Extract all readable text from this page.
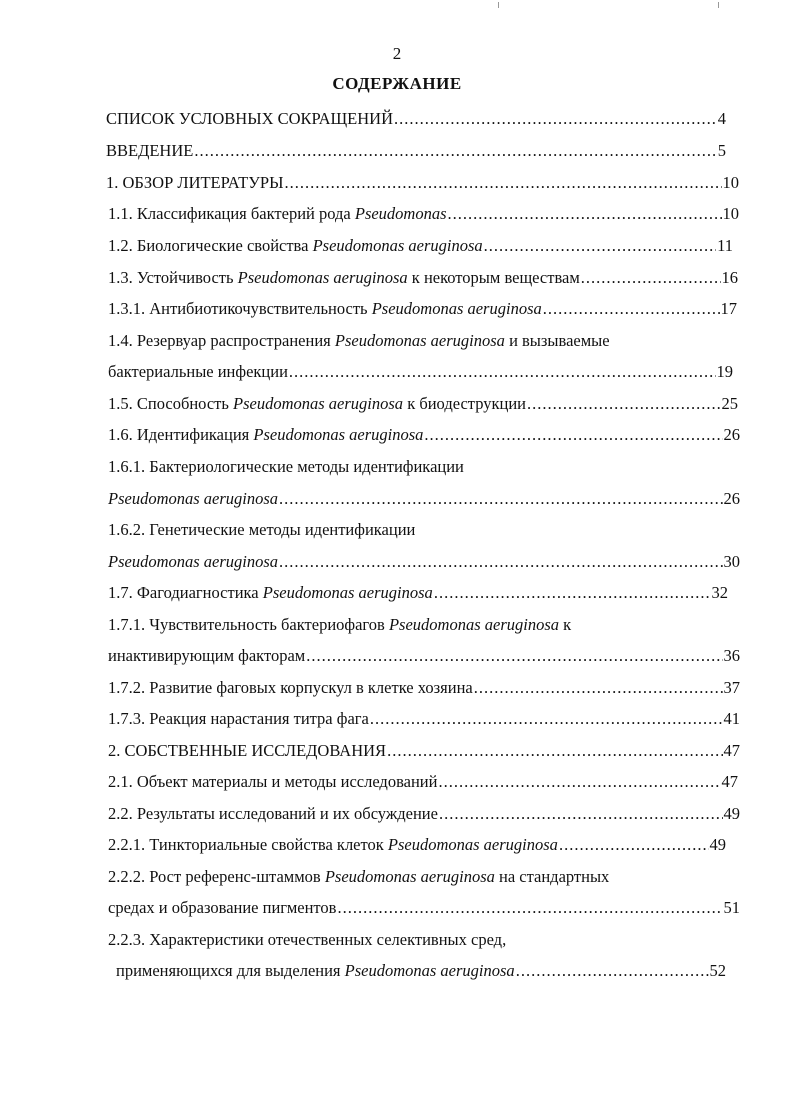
2
СОДЕРЖАНИЕ
СПИСОК УСЛОВНЫХ СОКРАЩЕНИЙ .....	4
ВВЕДЕНИЕ .....	5
1. ОБЗОР ЛИТЕРАТУРЫ .....	10
1.1. Классификация бактерий рода Pseudomonas .....	10
1.2. Биологические свойства Pseudomonas aeruginosa .....	11
1.3. Устойчивость Pseudomonas aeruginosa к некоторым веществам .....	16
1.3.1. Антибиотикочувствительность Pseudomonas aeruginosa .....	17
1.4. Резервуар распространения Pseudomonas aeruginosa и вызываемые
бактериальные инфекции .....	19
1.5. Способность Pseudomonas aeruginosa к биодеструкции .....	25
1.6. Идентификация Pseudomonas aeruginosa .....	26
1.6.1. Бактериологические методы идентификации
Pseudomonas aeruginosa .....	26
1.6.2. Генетические методы идентификации
Pseudomonas aeruginosa .....	30
1.7. Фагодиагностика Pseudomonas aeruginosa .....	32
1.7.1. Чувствительность бактериофагов Pseudomonas aeruginosa к
инактивирующим факторам .....	36
1.7.2. Развитие фаговых корпускул в клетке хозяина .....	37
1.7.3. Реакция нарастания титра фага .....	41
2. СОБСТВЕННЫЕ ИССЛЕДОВАНИЯ .....	47
2.1. Объект материалы и методы исследований .....	47
2.2. Результаты исследований и их обсуждение .....	49
2.2.1. Тинкториальные свойства клеток Pseudomonas aeruginosa .....	49
2.2.2. Рост референс-штаммов Pseudomonas aeruginosa на стандартных
средах и образование пигментов .....	51
2.2.3. Характеристики отечественных селективных сред,
применяющихся для выделения Pseudomonas aeruginosa .....	52
